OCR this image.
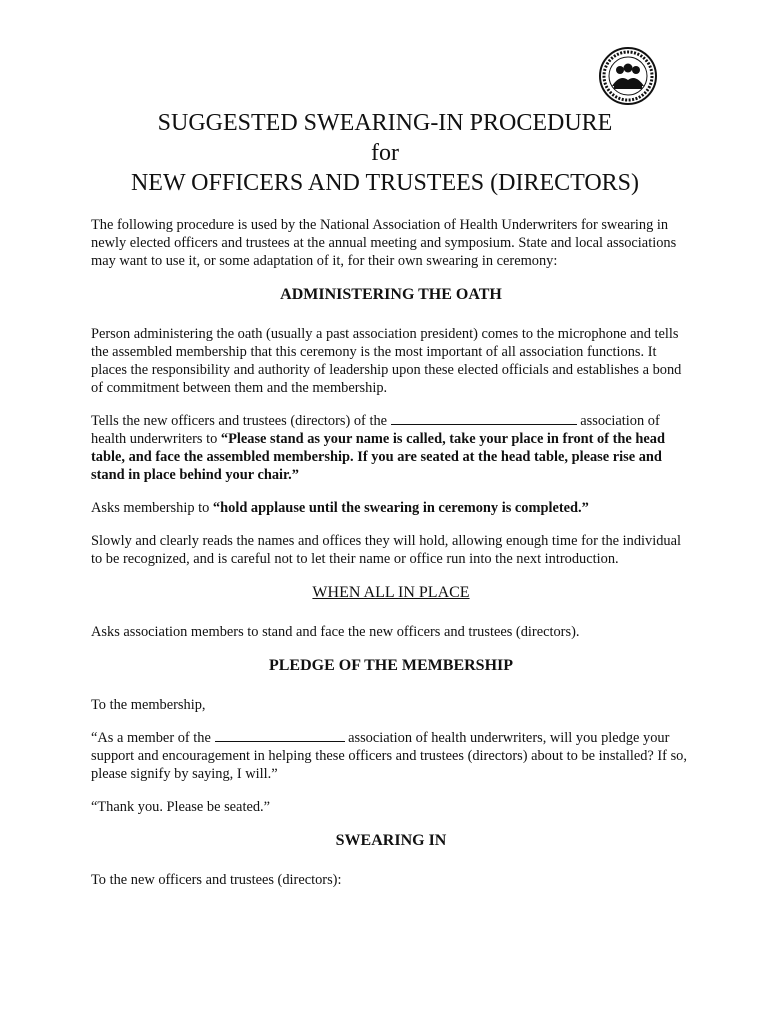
SUGGESTED SWEARING-IN PROCEDURE
for
NEW OFFICERS AND TRUSTEES (DIRECTORS)

The following procedure is used by the National Association of Health Underwriters for swearing in newly elected officers and trustees at the annual meeting and symposium. State and local associations may want to use it, or some adaptation of it, for their own swearing in ceremony:

ADMINISTERING THE OATH

Person administering the oath (usually a past association president) comes to the microphone and tells the assembled membership that this ceremony is the most important of all association functions. It places the responsibility and authority of leadership upon these elected officials and establishes a bond of commitment between them and the membership.

Tells the new officers and trustees (directors) of the	association of health underwriters to “Please stand as your name is called, take your place in front of the head table, and face the assembled membership. If you are seated at the head table, please rise and stand in place behind your chair.”

Asks membership to “hold applause until the swearing in ceremony is completed.”

Slowly and clearly reads the names and offices they will hold, allowing enough time for the individual to be recognized, and is careful not to let their name or office run into the next introduction.

WHEN ALL IN PLACE

Asks association members to stand and face the new officers and trustees (directors).

PLEDGE OF THE MEMBERSHIP

To the membership,

“As a member of the	association of health underwriters, will you pledge your support and encouragement in helping these officers and trustees (directors) about to be installed? If so, please signify by saying, I will.”

“Thank you. Please be seated.”

SWEARING IN

To the new officers and trustees (directors):
